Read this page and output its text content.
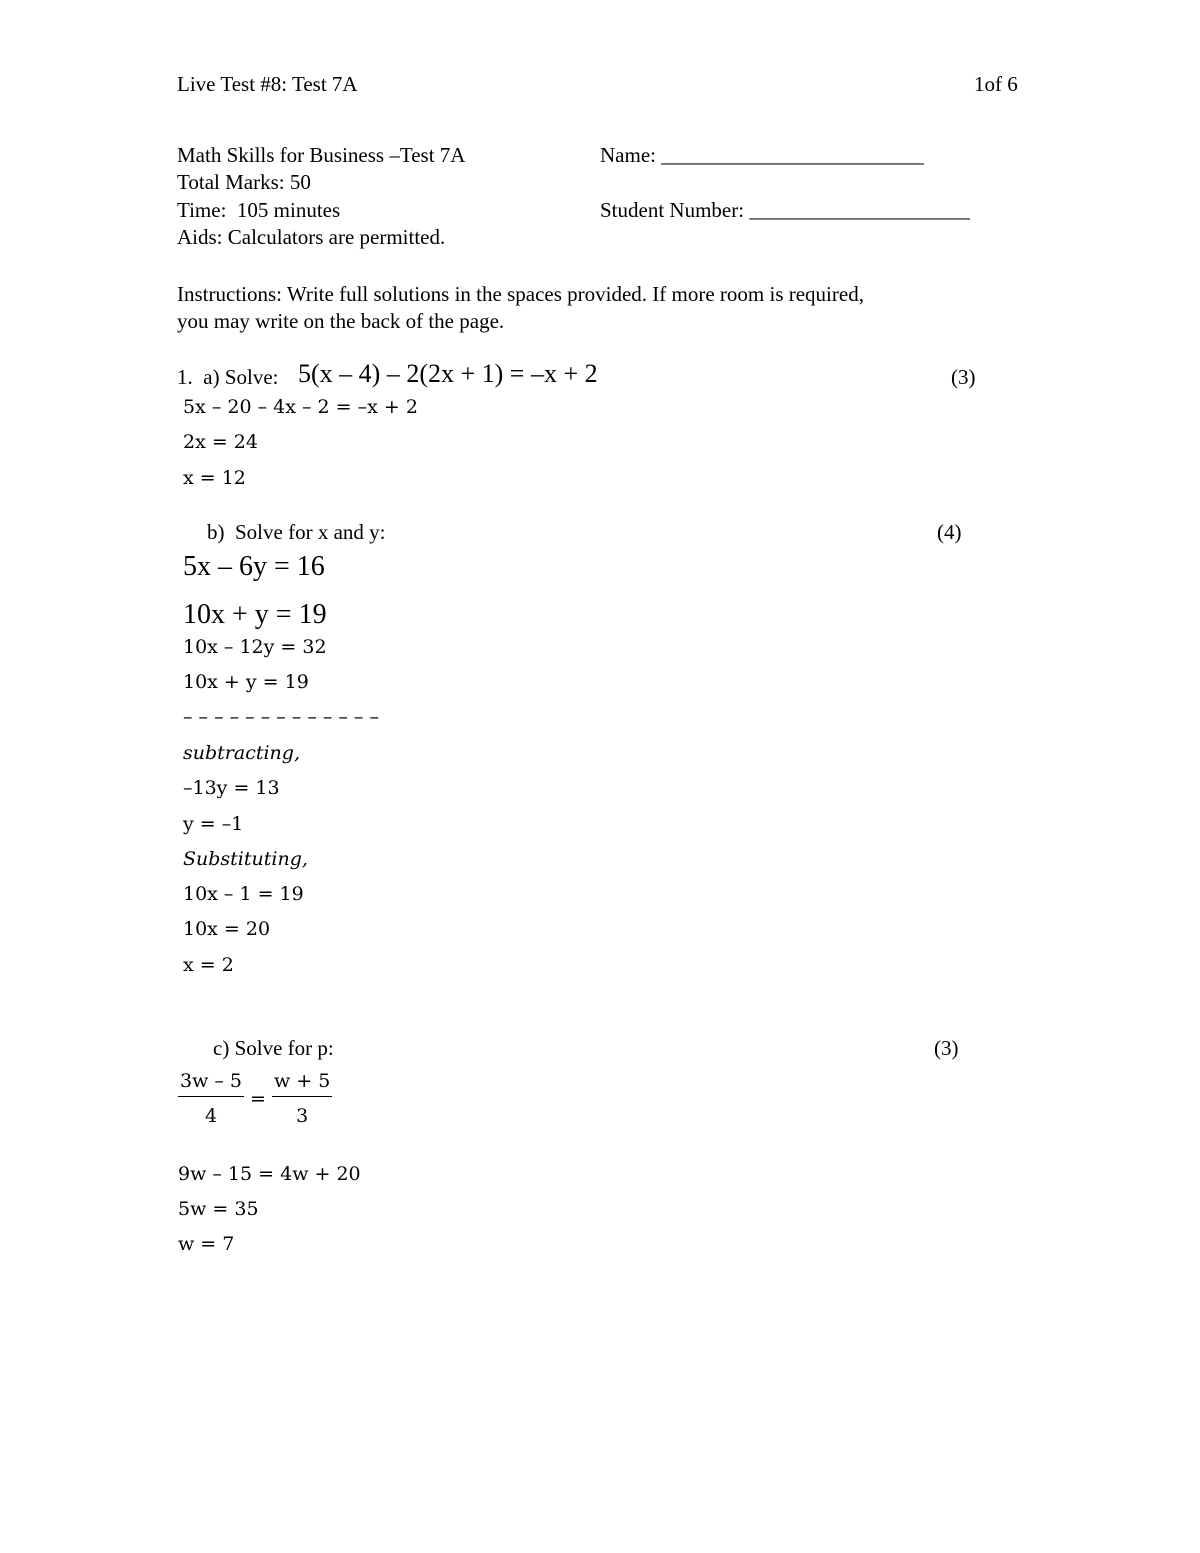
Live Test #8: Test 7A	1of 6
Math Skills for Business –Test 7A
Total Marks: 50
Time:  105 minutes
Aids: Calculators are permitted.
Name: _________________________
Student Number: _____________________
Instructions: Write full solutions in the spaces provided. If more room is required,
you may write on the back of the page.
1.  a) Solve: 5(x – 4) – 2(2x + 1) = –x + 2	(3)
5x – 20 – 4x – 2 = –x + 2
2x = 24
x = 12
b)  Solve for x and y:	(4)
5x – 6y = 16
10x + y = 19
10x – 12y = 32
10x + y = 19
– – – – – – – – – – – – –
subtracting,
–13y = 13
y = –1
Substituting,
10x – 1 = 19
10x = 20
x = 2
c) Solve for p:	(3)
$\frac{3w - 5}{4} = \frac{w + 5}{3}$
9w – 15 = 4w + 20
5w = 35
w = 7
